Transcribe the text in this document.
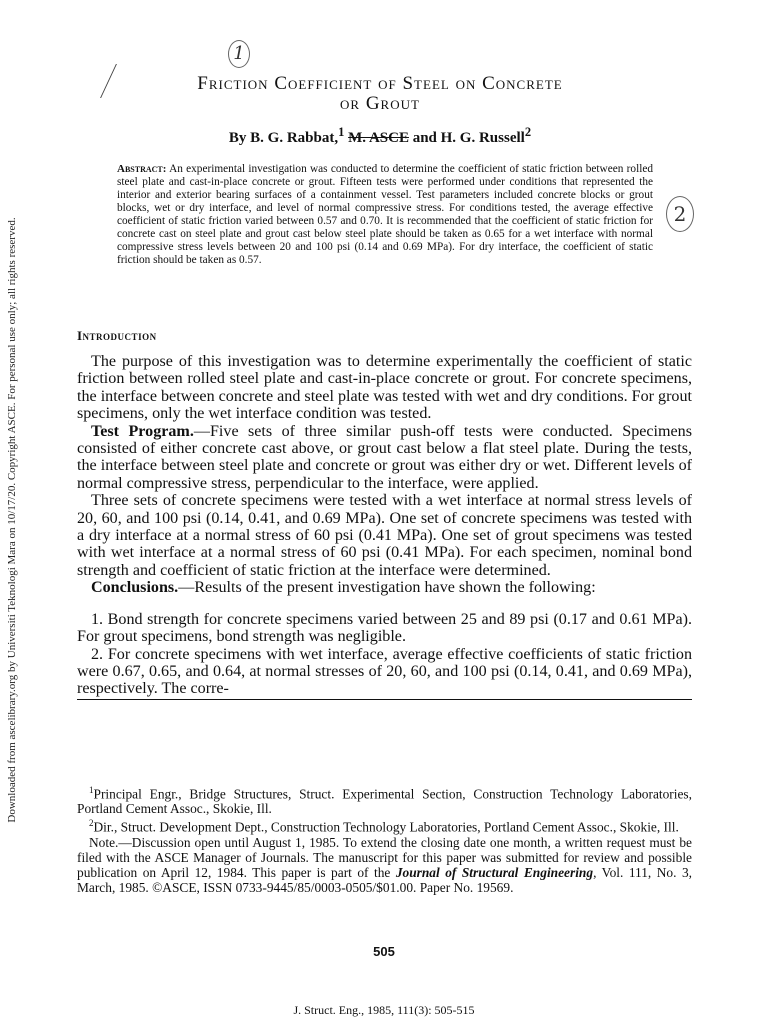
Downloaded from ascelibrary.org by Universiti Teknologi Mara on 10/17/20. Copyright ASCE. For personal use only; all rights reserved.
1
Friction Coefficient of Steel on Concrete
or Grout
By B. G. Rabbat,$^1$ M. ASCE and H. G. Russell$^2$
2
Abstract: An experimental investigation was conducted to determine the coefficient of static friction between rolled steel plate and cast-in-place concrete or grout. Fifteen tests were performed under conditions that represented the interior and exterior bearing surfaces of a containment vessel. Test parameters included concrete blocks or grout blocks, wet or dry interface, and level of normal compressive stress. For conditions tested, the average effective coefficient of static friction varied between 0.57 and 0.70. It is recommended that the coefficient of static friction for concrete cast on steel plate and grout cast below steel plate should be taken as 0.65 for a wet interface with normal compressive stress levels between 20 and 100 psi (0.14 and 0.69 MPa). For dry interface, the coefficient of static friction should be taken as 0.57.
Introduction

The purpose of this investigation was to determine experimentally the coefficient of static friction between rolled steel plate and cast-in-place concrete or grout. For concrete specimens, the interface between concrete and steel plate was tested with wet and dry conditions. For grout specimens, only the wet interface condition was tested.

Test Program.—Five sets of three similar push-off tests were conducted. Specimens consisted of either concrete cast above, or grout cast below a flat steel plate. During the tests, the interface between steel plate and concrete or grout was either dry or wet. Different levels of normal compressive stress, perpendicular to the interface, were applied.

Three sets of concrete specimens were tested with a wet interface at normal stress levels of 20, 60, and 100 psi (0.14, 0.41, and 0.69 MPa). One set of concrete specimens was tested with a dry interface at a normal stress of 60 psi (0.41 MPa). One set of grout specimens was tested with wet interface at a normal stress of 60 psi (0.41 MPa). For each specimen, nominal bond strength and coefficient of static friction at the interface were determined.

Conclusions.—Results of the present investigation have shown the following:

1. Bond strength for concrete specimens varied between 25 and 89 psi (0.17 and 0.61 MPa). For grout specimens, bond strength was negligible.

2. For concrete specimens with wet interface, average effective coefficients of static friction were 0.67, 0.65, and 0.64, at normal stresses of 20, 60, and 100 psi (0.14, 0.41, and 0.69 MPa), respectively. The corre-

$^1$Principal Engr., Bridge Structures, Struct. Experimental Section, Construction Technology Laboratories, Portland Cement Assoc., Skokie, Ill.

$^2$Dir., Struct. Development Dept., Construction Technology Laboratories, Portland Cement Assoc., Skokie, Ill.

Note.—Discussion open until August 1, 1985. To extend the closing date one month, a written request must be filed with the ASCE Manager of Journals. The manuscript for this paper was submitted for review and possible publication on April 12, 1984. This paper is part of the Journal of Structural Engineering, Vol. 111, No. 3, March, 1985. ©ASCE, ISSN 0733-9445/85/0003-0505/$01.00. Paper No. 19569.

505
J. Struct. Eng., 1985, 111(3): 505-515
